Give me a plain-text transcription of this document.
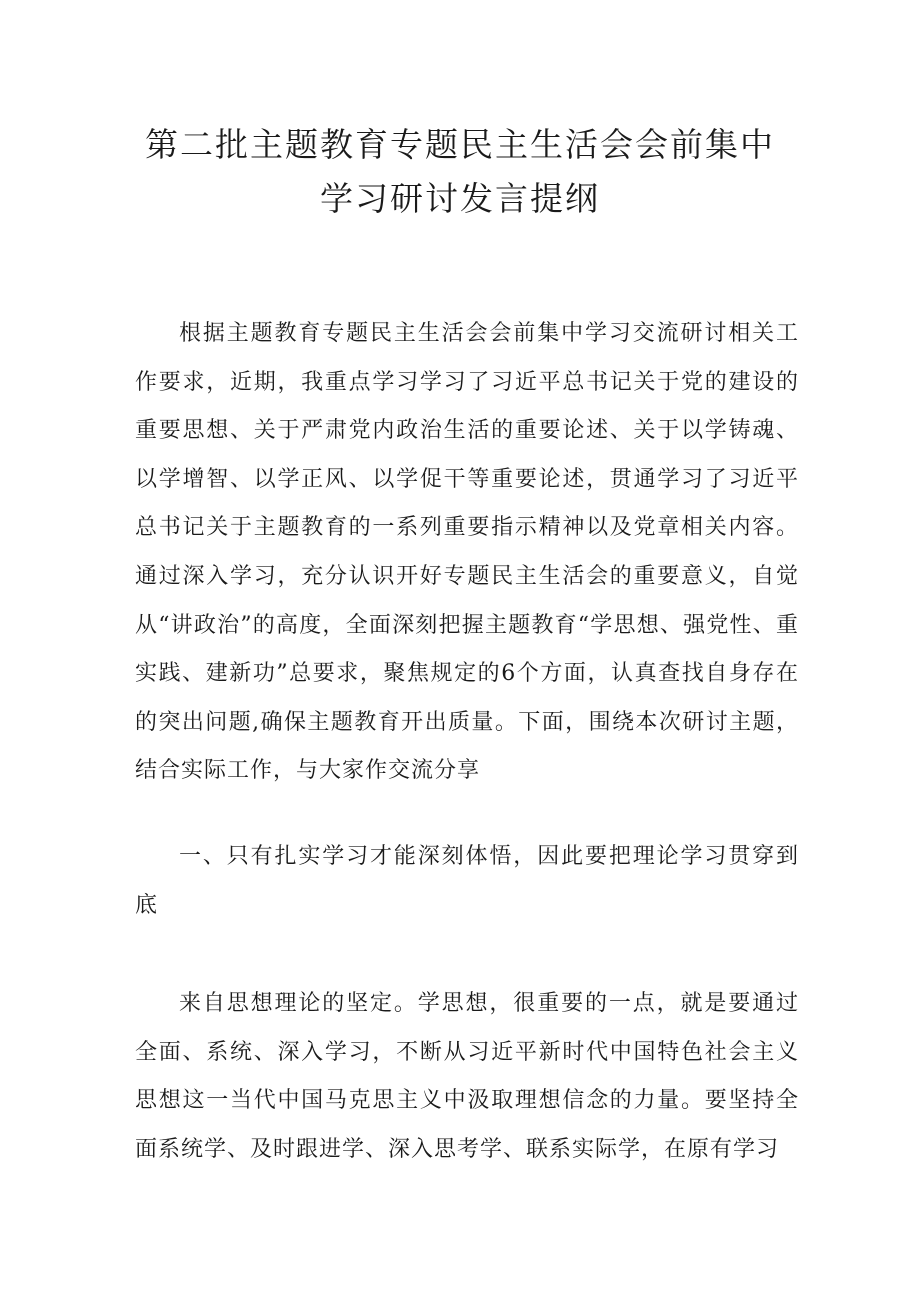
第二批主题教育专题民主生活会会前集中
学习研讨发言提纲

根据主题教育专题民主生活会会前集中学习交流研讨相关工作要求，近期，我重点学习学习了习近平总书记关于党的建设的重要思想、关于严肃党内政治生活的重要论述、关于以学铸魂、以学增智、以学正风、以学促干等重要论述，贯通学习了习近平总书记关于主题教育的一系列重要指示精神以及党章相关内容。通过深入学习，充分认识开好专题民主生活会的重要意义，自觉从“讲政治”的高度，全面深刻把握主题教育“学思想、强党性、重实践、建新功”总要求，聚焦规定的6个方面，认真查找自身存在的突出问题,确保主题教育开出质量。下面，围绕本次研讨主题，结合实际工作，与大家作交流分享

一、只有扎实学习才能深刻体悟，因此要把理论学习贯穿到底

来自思想理论的坚定。学思想，很重要的一点，就是要通过全面、系统、深入学习，不断从习近平新时代中国特色社会主义思想这一当代中国马克思主义中汲取理想信念的力量。要坚持全面系统学、及时跟进学、深入思考学、联系实际学，在原有学习
